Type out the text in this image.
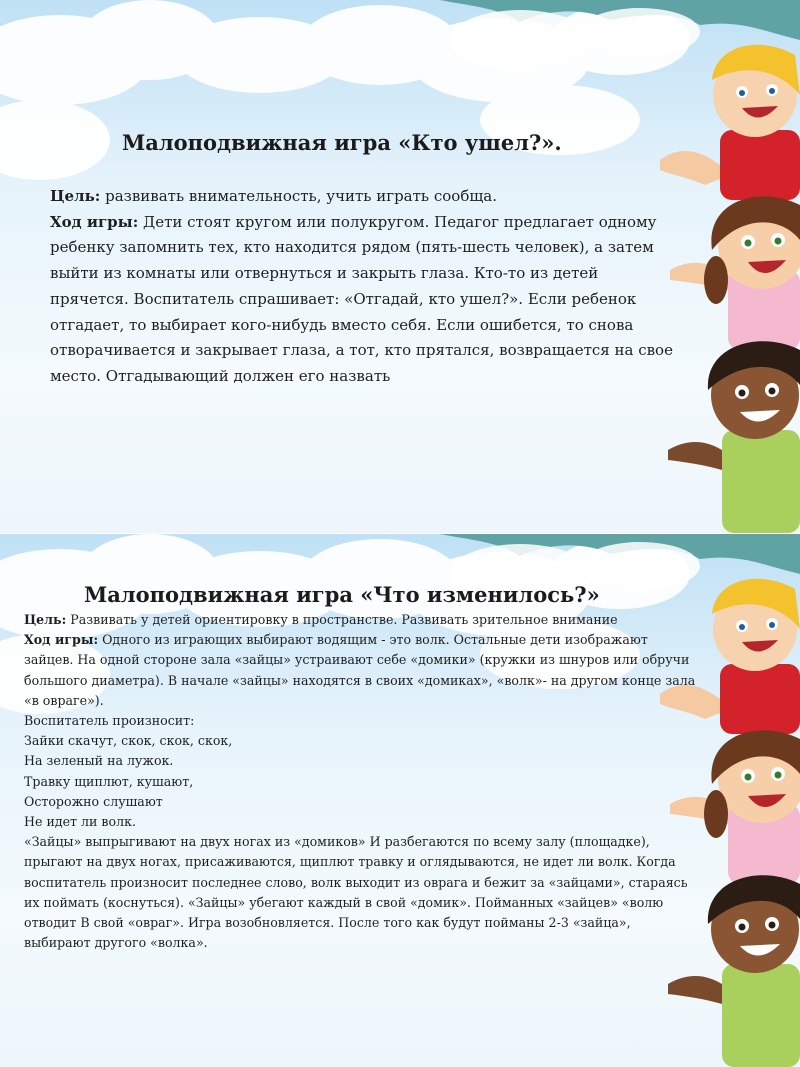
Малоподвижная игра «Кто ушел?».

Цель: развивать внимательность, учить играть сообща.

Ход игры: Дети стоят кругом или полукругом. Педагог предлагает одному ребенку запомнить тех, кто находится рядом (пять-шесть человек), а затем выйти из комнаты или отвернуться и закрыть глаза. Кто-то из детей прячется. Воспитатель спрашивает: «Отгадай, кто ушел?». Если ребенок отгадает, то выбирает кого-нибудь вместо себя. Если ошибется, то снова отворачивается и закрывает глаза, а тот, кто прятался, возвращается на свое место. Отгадывающий должен его назвать

Малоподвижная игра «Что изменилось?»

Цель: Развивать у детей ориентировку в пространстве. Развивать зрительное внимание

Ход игры: Одного из играющих выбирают водящим - это волк. Остальные дети изображают зайцев. На одной стороне зала «зайцы» устраивают себе «домики» (кружки из шнуров или обручи большого диаметра). В начале «зайцы» находятся в своих «домиках», «волк»- на другом конце зала «в овраге»).

Воспитатель произносит:

Зайки скачут, скок, скок, скок,

На зеленый на лужок.

Травку щиплют, кушают,

Осторожно слушают

Не идет ли волк.

«Зайцы» выпрыгивают на двух ногах из «домиков» И разбегаются по всему залу (площадке), прыгают на двух ногах, присаживаются, щиплют травку и оглядываются, не идет ли волк. Когда воспитатель произносит последнее слово, волк выходит из оврага и бежит за «зайцами», стараясь их поймать (коснуться). «Зайцы» убегают каждый в свой «домик». Пойманных «зайцев» «волю отводит В свой «овраг». Игра возобновляется. После того как будут пойманы 2-3 «зайца», выбирают другого «волка».
